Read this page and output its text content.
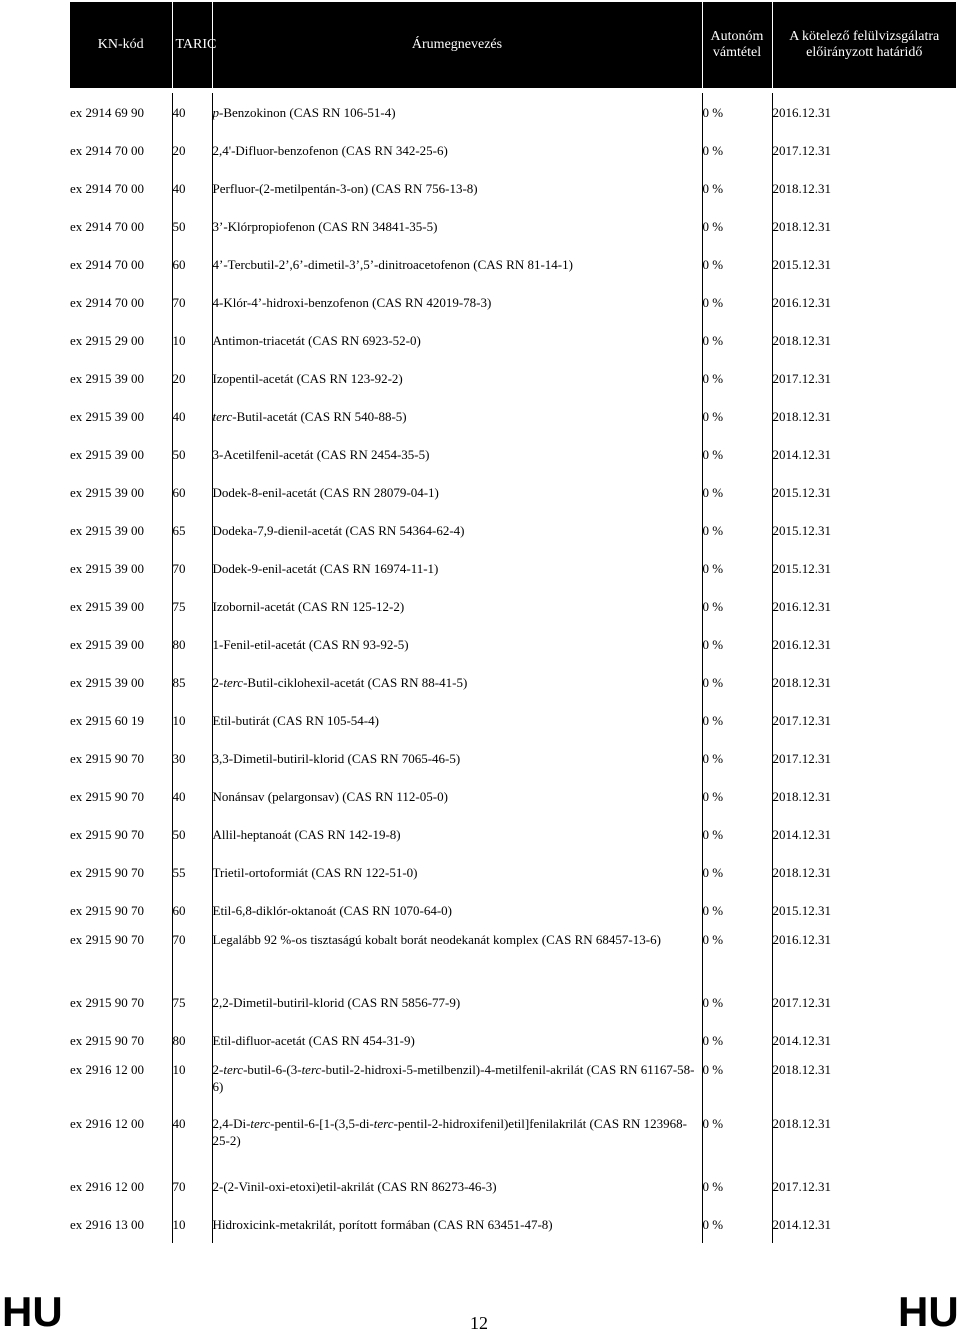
KN-kód	TARIC	Árumegnevezés	Autonóm vámtétel	A kötelező felülvizsgálatra előirányzott határidő

ex 2914 69 90	40	p-Benzokinon (CAS RN 106-51-4)	0 %	2016.12.31
ex 2914 70 00	20	2,4'-Difluor-benzofenon (CAS RN 342-25-6)	0 %	2017.12.31
ex 2914 70 00	40	Perfluor-(2-metilpentán-3-on) (CAS RN 756-13-8)	0 %	2018.12.31
ex 2914 70 00	50	3’-Klórpropiofenon (CAS RN 34841-35-5)	0 %	2018.12.31
ex 2914 70 00	60	4’-Tercbutil-2’,6’-dimetil-3’,5’-dinitroacetofenon (CAS RN 81-14-1)	0 %	2015.12.31
ex 2914 70 00	70	4-Klór-4’-hidroxi-benzofenon (CAS RN 42019-78-3)	0 %	2016.12.31
ex 2915 29 00	10	Antimon-triacetát (CAS RN 6923-52-0)	0 %	2018.12.31
ex 2915 39 00	20	Izopentil-acetát (CAS RN 123-92-2)	0 %	2017.12.31
ex 2915 39 00	40	terc-Butil-acetát (CAS RN 540-88-5)	0 %	2018.12.31
ex 2915 39 00	50	3-Acetilfenil-acetát (CAS RN 2454-35-5)	0 %	2014.12.31
ex 2915 39 00	60	Dodek-8-enil-acetát (CAS RN 28079-04-1)	0 %	2015.12.31
ex 2915 39 00	65	Dodeka-7,9-dienil-acetát (CAS RN 54364-62-4)	0 %	2015.12.31
ex 2915 39 00	70	Dodek-9-enil-acetát (CAS RN 16974-11-1)	0 %	2015.12.31
ex 2915 39 00	75	Izobornil-acetát (CAS RN 125-12-2)	0 %	2016.12.31
ex 2915 39 00	80	1-Fenil-etil-acetát (CAS RN 93-92-5)	0 %	2016.12.31
ex 2915 39 00	85	2-terc-Butil-ciklohexil-acetát (CAS RN 88-41-5)	0 %	2018.12.31
ex 2915 60 19	10	Etil-butirát (CAS RN 105-54-4)	0 %	2017.12.31
ex 2915 90 70	30	3,3-Dimetil-butiril-klorid (CAS RN 7065-46-5)	0 %	2017.12.31
ex 2915 90 70	40	Nonánsav (pelargonsav) (CAS RN 112-05-0)	0 %	2018.12.31
ex 2915 90 70	50	Allil-heptanoát (CAS RN 142-19-8)	0 %	2014.12.31
ex 2915 90 70	55	Trietil-ortoformiát (CAS RN 122-51-0)	0 %	2018.12.31
ex 2915 90 70	60	Etil-6,8-diklór-oktanoát (CAS RN 1070-64-0)	0 %	2015.12.31
ex 2915 90 70	70	Legalább 92 %-os tisztaságú kobalt borát neodekanát komplex (CAS RN 68457-13-6)	0 %	2016.12.31
ex 2915 90 70	75	2,2-Dimetil-butiril-klorid (CAS RN 5856-77-9)	0 %	2017.12.31
ex 2915 90 70	80	Etil-difluor-acetát (CAS RN 454-31-9)	0 %	2014.12.31
ex 2916 12 00	10	2-terc-butil-6-(3-terc-butil-2-hidroxi-5-metilbenzil)-4-metilfenil-akrilát (CAS RN 61167-58-6)	0 %	2018.12.31
ex 2916 12 00	40	2,4-Di-terc-pentil-6-[1-(3,5-di-terc-pentil-2-hidroxifenil)etil]fenilakrilát (CAS RN 123968-25-2)	0 %	2018.12.31
ex 2916 12 00	70	2-(2-Vinil-oxi-etoxi)etil-akrilát (CAS RN 86273-46-3)	0 %	2017.12.31
ex 2916 13 00	10	Hidroxicink-metakrilát, porított formában (CAS RN 63451-47-8)	0 %	2014.12.31
HU	12	HU
